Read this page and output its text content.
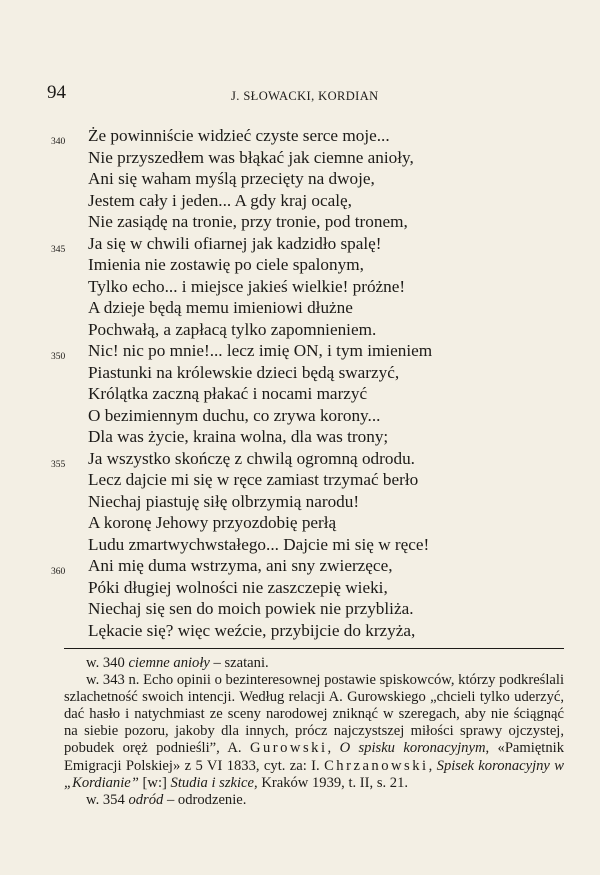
94	J. SŁOWACKI, KORDIAN
Że powinniście widzieć czyste serce moje...
340
Nie przyszedłem was błąkać jak ciemne anioły,
Ani się waham myślą przecięty na dwoje,
Jestem cały i jeden... A gdy kraj ocalę,
Nie zasiądę na tronie, przy tronie, pod tronem,
Ja się w chwili ofiarnej jak kadzidło spalę!
345
Imienia nie zostawię po ciele spalonym,
Tylko echo... i miejsce jakieś wielkie! próżne!
A dzieje będą memu imieniowi dłużne
Pochwałą, a zapłacą tylko zapomnieniem.
Nic! nic po mnie!... lecz imię ON, i tym imieniem
350
Piastunki na królewskie dzieci będą swarzyć,
Królątka zaczną płakać i nocami marzyć
O bezimiennym duchu, co zrywa korony...
Dla was życie, kraina wolna, dla was trony;
Ja wszystko skończę z chwilą ogromną odrodu.
355
Lecz dajcie mi się w ręce zamiast trzymać berło
Niechaj piastuję siłę olbrzymią narodu!
A koronę Jehowy przyozdobię perłą
Ludu zmartwychwstałego... Dajcie mi się w ręce!
Ani mię duma wstrzyma, ani sny zwierzęce,
360
Póki długiej wolności nie zaszczepię wieki,
Niechaj się sen do moich powiek nie przybliża.
Lękacie się? więc weźcie, przybijcie do krzyża,

w. 340 ciemne anioły – szatani.

w. 343 n. Echo opinii o bezinteresownej postawie spiskowców, którzy podkreślali szlachetność swoich intencji. Według relacji A. Gurowskiego „chcieli tylko uderzyć, dać hasło i natychmiast ze sceny narodowej zniknąć w szeregach, aby nie ściągnąć na siebie pozoru, jakoby dla innych, prócz najczystszej miłości sprawy ojczystej, pobudek oręż podnieśli”, A. Gurowski, O spisku koronacyjnym, «Pamiętnik Emigracji Polskiej» z 5 VI 1833, cyt. za: I. Chrzanowski, Spisek koronacyjny w „Kordianie” [w:] Studia i szkice, Kraków 1939, t. II, s. 21.

w. 354 odród – odrodzenie.
